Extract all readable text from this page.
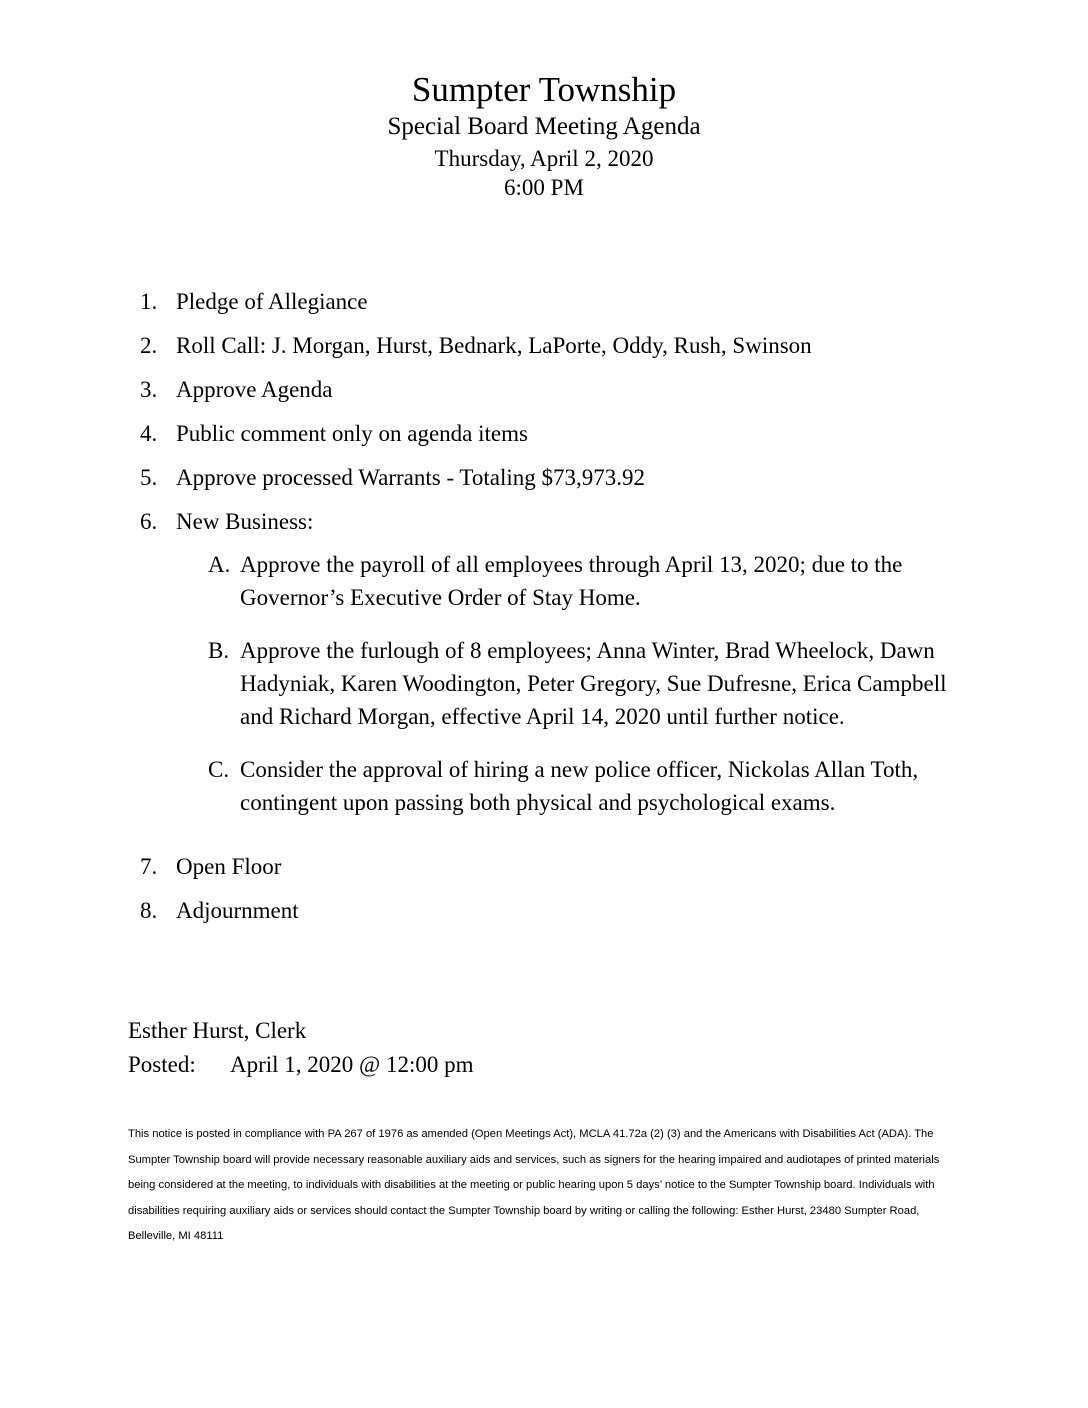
Sumpter Township
Special Board Meeting Agenda
Thursday, April 2, 2020
6:00 PM
1. Pledge of Allegiance
2. Roll Call: J. Morgan, Hurst, Bednark, LaPorte, Oddy, Rush, Swinson
3. Approve Agenda
4. Public comment only on agenda items
5. Approve processed Warrants - Totaling $73,973.92
6. New Business:
A. Approve the payroll of all employees through April 13, 2020; due to the Governor’s Executive Order of Stay Home.
B. Approve the furlough of 8 employees; Anna Winter, Brad Wheelock, Dawn Hadyniak, Karen Woodington, Peter Gregory, Sue Dufresne, Erica Campbell and Richard Morgan, effective April 14, 2020 until further notice.
C. Consider the approval of hiring a new police officer, Nickolas Allan Toth, contingent upon passing both physical and psychological exams.
7. Open Floor
8. Adjournment
Esther Hurst, Clerk
Posted: April 1, 2020 @ 12:00 pm
This notice is posted in compliance with PA 267 of 1976 as amended (Open Meetings Act), MCLA 41.72a (2) (3) and the Americans with Disabilities Act (ADA). The Sumpter Township board will provide necessary reasonable auxiliary aids and services, such as signers for the hearing impaired and audiotapes of printed materials being considered at the meeting, to individuals with disabilities at the meeting or public hearing upon 5 days’ notice to the Sumpter Township board. Individuals with disabilities requiring auxiliary aids or services should contact the Sumpter Township board by writing or calling the following: Esther Hurst, 23480 Sumpter Road, Belleville, MI 48111
